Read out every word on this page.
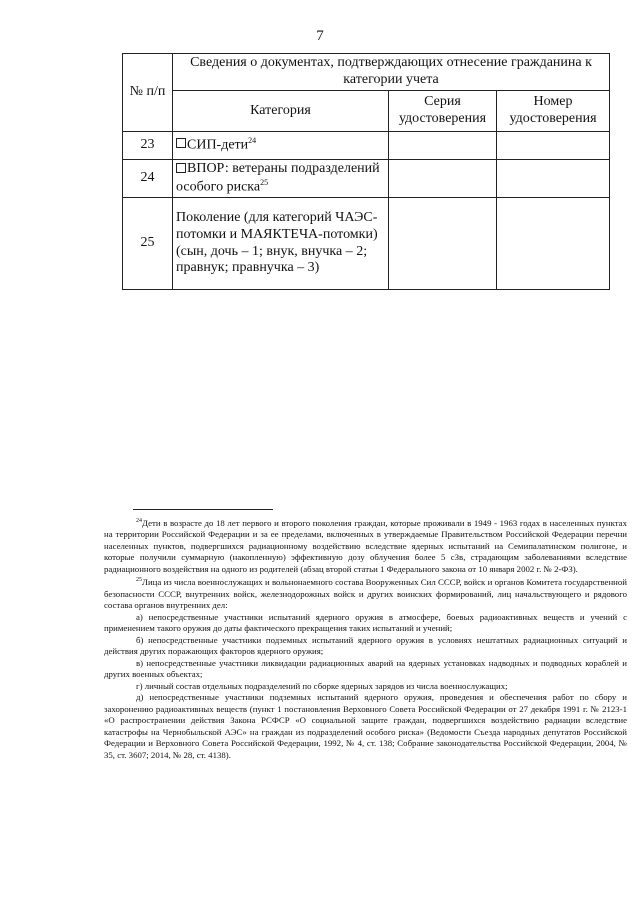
7
№ п/п	Сведения о документах, подтверждающих отнесение гражданина к категории учета		
	Категория	Серия удостоверения	Номер удостоверения
23	СИП-дети$^{24}$		
24	ВПОР: ветераны подразделений особого риска$^{25}$		
25	Поколение (для категорий ЧАЭС-потомки и МАЯКТЕЧА-потомки) (сын, дочь – 1; внук, внучка – 2; правнук; правнучка – 3)		

$^{24}$Дети в возрасте до 18 лет первого и второго поколения граждан, которые проживали в 1949 - 1963 годах в населенных пунктах на территории Российской Федерации и за ее пределами, включенных в утверждаемые Правительством Российской Федерации перечни населенных пунктов, подвергшихся радиационному воздействию вследствие ядерных испытаний на Семипалатинском полигоне, и которые получили суммарную (накопленную) эффективную дозу облучения более 5 сЗв, страдающим заболеваниями вследствие радиационного воздействия на одного из родителей (абзац второй статьи 1 Федерального закона от 10 января 2002 г. № 2-ФЗ).

$^{25}$Лица из числа военнослужащих и вольнонаемного состава Вооруженных Сил СССР, войск и органов Комитета государственной безопасности СССР, внутренних войск, железнодорожных войск и других воинских формирований, лиц начальствующего и рядового состава органов внутренних дел:

а) непосредственные участники испытаний ядерного оружия в атмосфере, боевых радиоактивных веществ и учений с применением такого оружия до даты фактического прекращения таких испытаний и учений;

б) непосредственные участники подземных испытаний ядерного оружия в условиях нештатных радиационных ситуаций и действия других поражающих факторов ядерного оружия;

в) непосредственные участники ликвидации радиационных аварий на ядерных установках надводных и подводных кораблей и других военных объектах;

г) личный состав отдельных подразделений по сборке ядерных зарядов из числа военнослужащих;

д) непосредственные участники подземных испытаний ядерного оружия, проведения и обеспечения работ по сбору и захоронению радиоактивных веществ (пункт 1 постановления Верховного Совета Российской Федерации от 27 декабря 1991 г. № 2123-1 «О распространении действия Закона РСФСР «О социальной защите граждан, подвергшихся воздействию радиации вследствие катастрофы на Чернобыльской АЭС» на граждан из подразделений особого риска» (Ведомости Съезда народных депутатов Российской Федерации и Верховного Совета Российской Федерации, 1992, № 4, ст. 138; Собрание законодательства Российской Федерации, 2004, № 35, ст. 3607; 2014, № 28, ст. 4138).
